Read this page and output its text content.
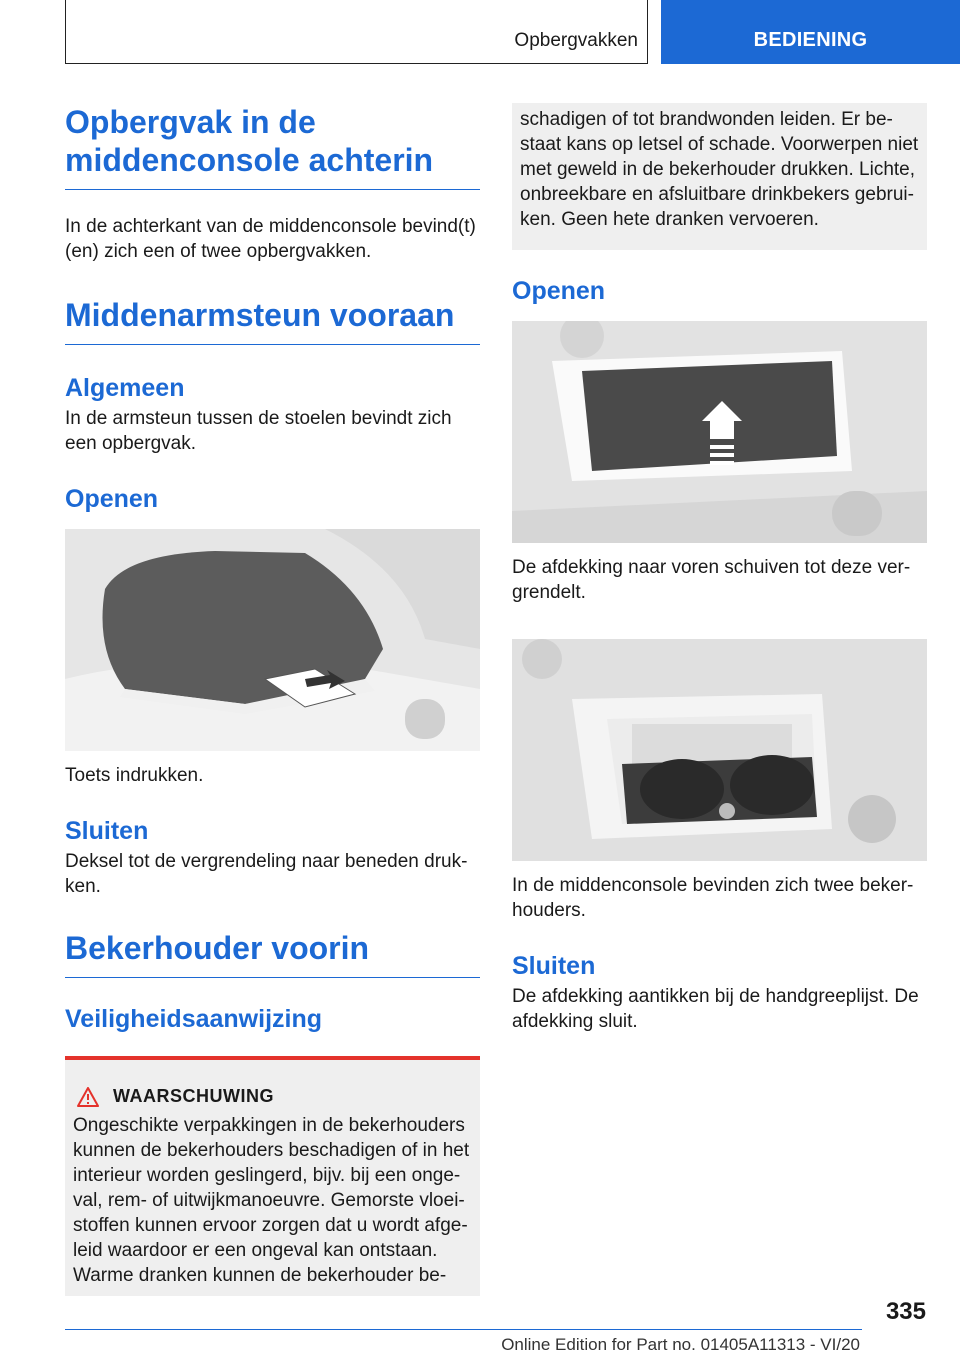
Opbergvakken	BEDIENING
Opbergvak in de middenconsole achterin

In de achterkant van de middenconsole bevind(t)(en) zich een of twee opbergvakken.

Middenarmsteun vooraan
Algemeen

In de armsteun tussen de stoelen bevindt zich een opbergvak.

Openen

Toets indrukken.

Sluiten

Deksel tot de vergrendeling naar beneden druk-ken.

Bekerhouder voorin
Veiligheidsaanwijzing
WAARSCHUWING

Ongeschikte verpakkingen in de bekerhouders kunnen de bekerhouders beschadigen of in het interieur worden geslingerd, bijv. bij een onge-val, rem- of uitwijkmanoeuvre. Gemorste vloei-stoffen kunnen ervoor zorgen dat u wordt afge-leid waardoor er een ongeval kan ontstaan. Warme dranken kunnen de bekerhouder be-

schadigen of tot brandwonden leiden. Er be-staat kans op letsel of schade. Voorwerpen niet met geweld in de bekerhouder drukken. Lichte, onbreekbare en afsluitbare drinkbekers gebrui-ken. Geen hete dranken vervoeren.

Openen

De afdekking naar voren schuiven tot deze ver-grendelt.

In de middenconsole bevinden zich twee beker-houders.

Sluiten

De afdekking aantikken bij de handgreeplijst. De afdekking sluit.

335
Online Edition for Part no. 01405A11313 - VI/20
